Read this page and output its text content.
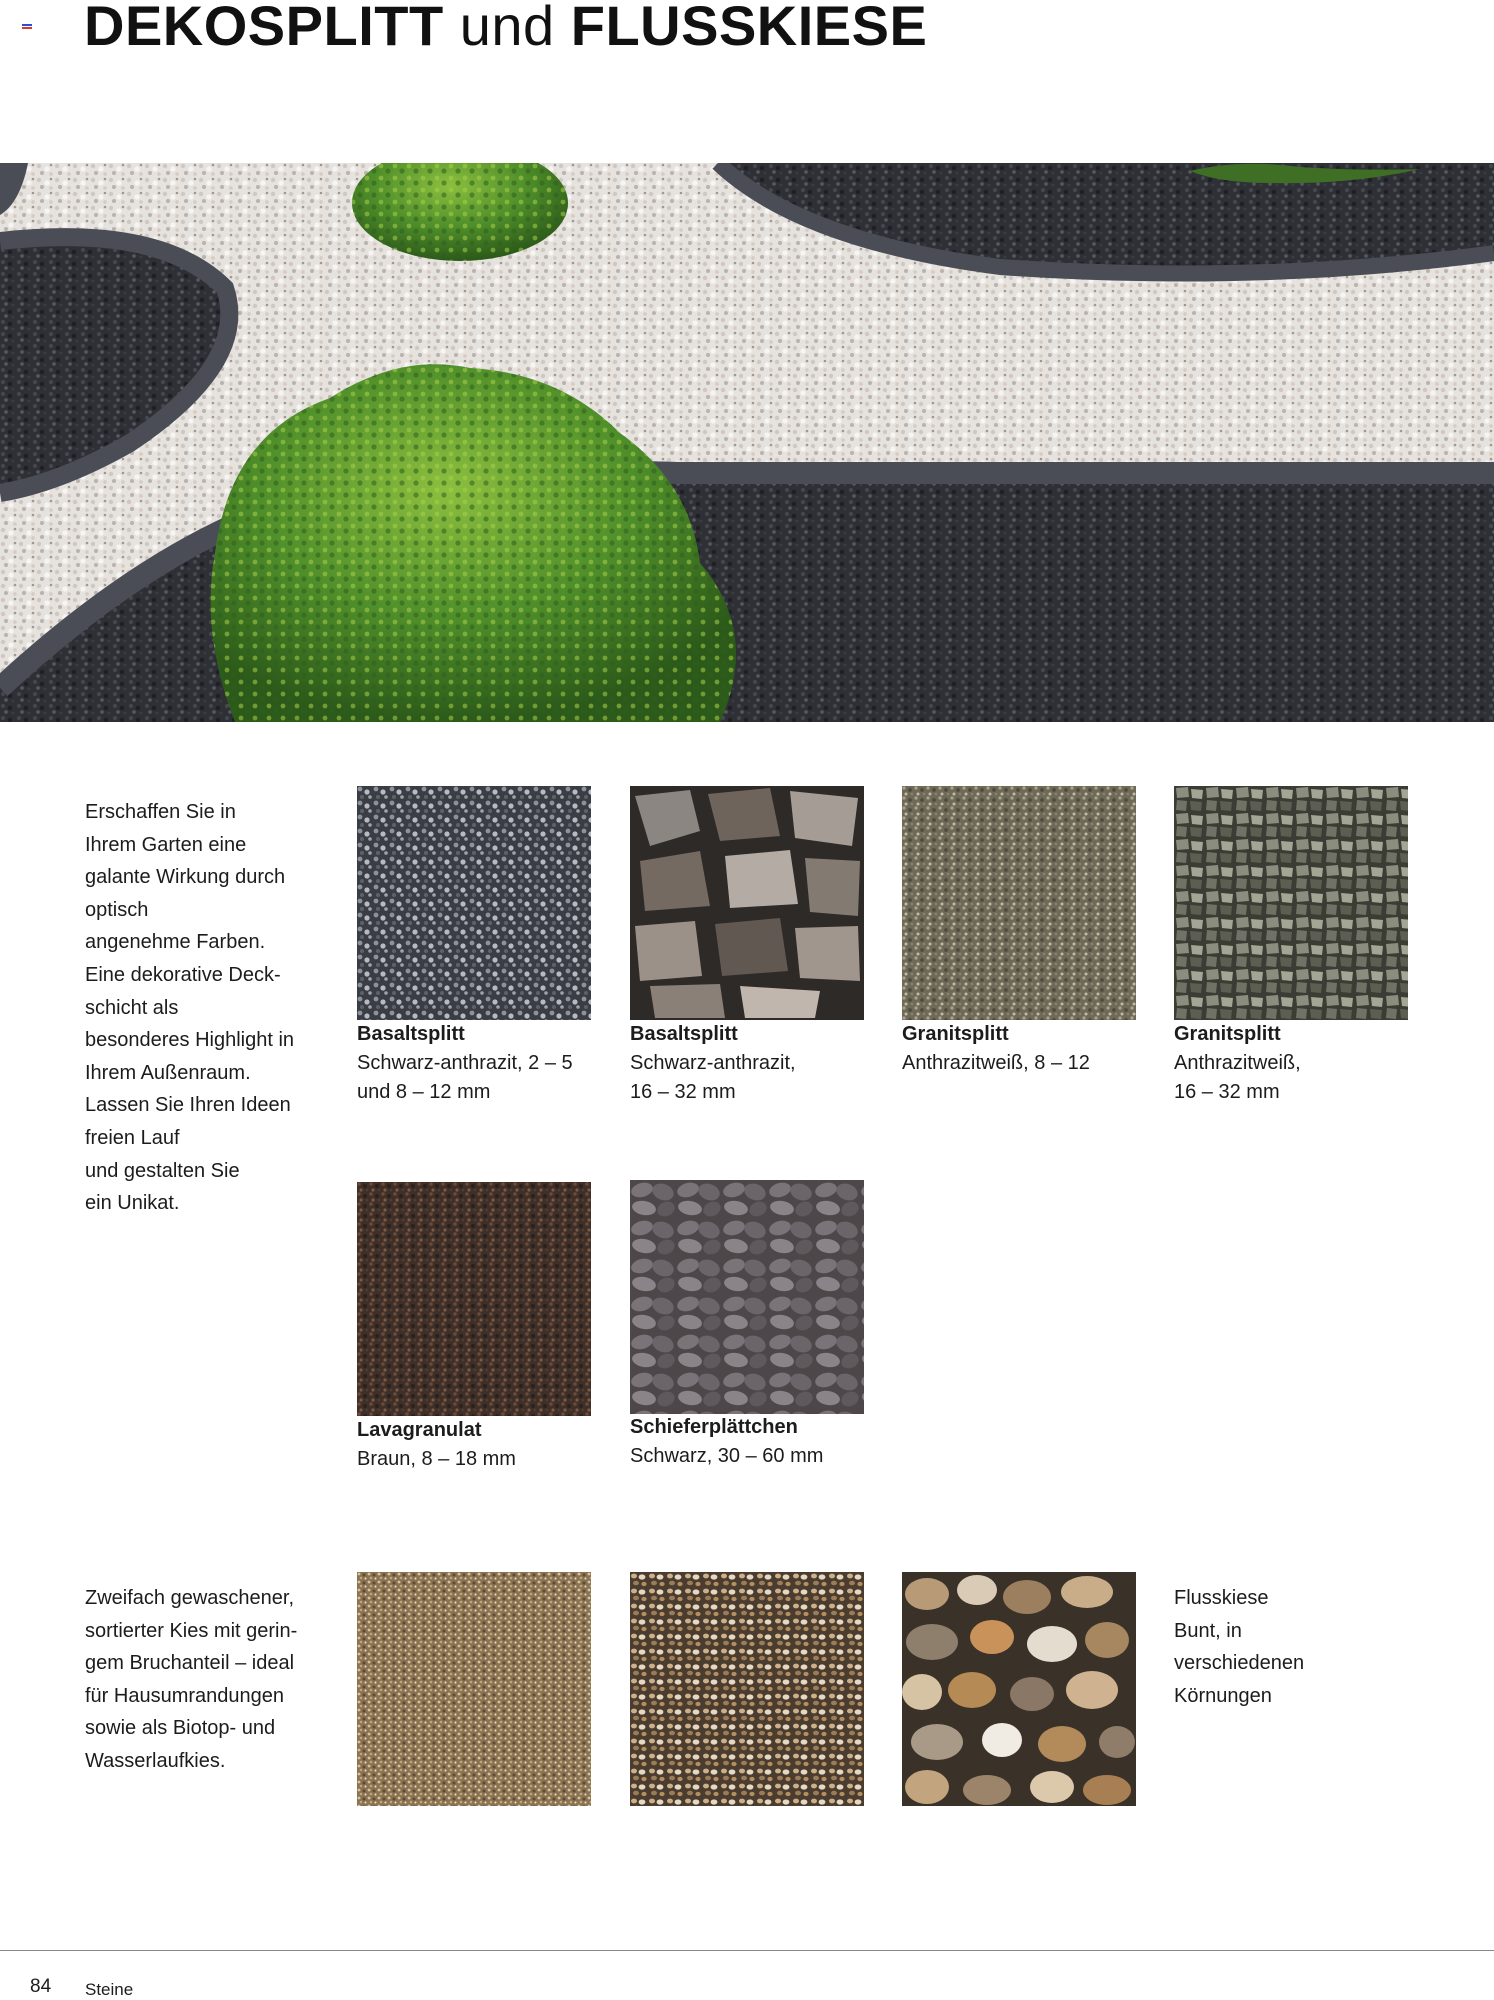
DEKOSPLITT und FLUSSKIESE

Erschaffen Sie in
Ihrem Garten eine
galante Wirkung durch
optisch
angenehme Farben.
Eine dekorative Deck-
schicht als
besonderes Highlight in
Ihrem Außenraum.
Lassen Sie Ihren Ideen
freien Lauf
und gestalten Sie
ein Unikat.

Basaltsplitt
Schwarz-anthrazit, 2 – 5
und 8 – 12 mm
Basaltsplitt
Schwarz-anthrazit,
16 – 32 mm
Granitsplitt
Anthrazitweiß, 8 – 12
Granitsplitt
Anthrazitweiß,
16 – 32 mm
Lavagranulat
Braun, 8 – 18 mm
Schieferplättchen
Schwarz, 30 – 60 mm

Zweifach gewaschener,
sortierter Kies mit gerin-
gem Bruchanteil – ideal
für Hausumrandungen
sowie als Biotop- und
Wasserlaufkies.

Flusskiese
Bunt, in
verschiedenen
Körnungen
84 Steine
